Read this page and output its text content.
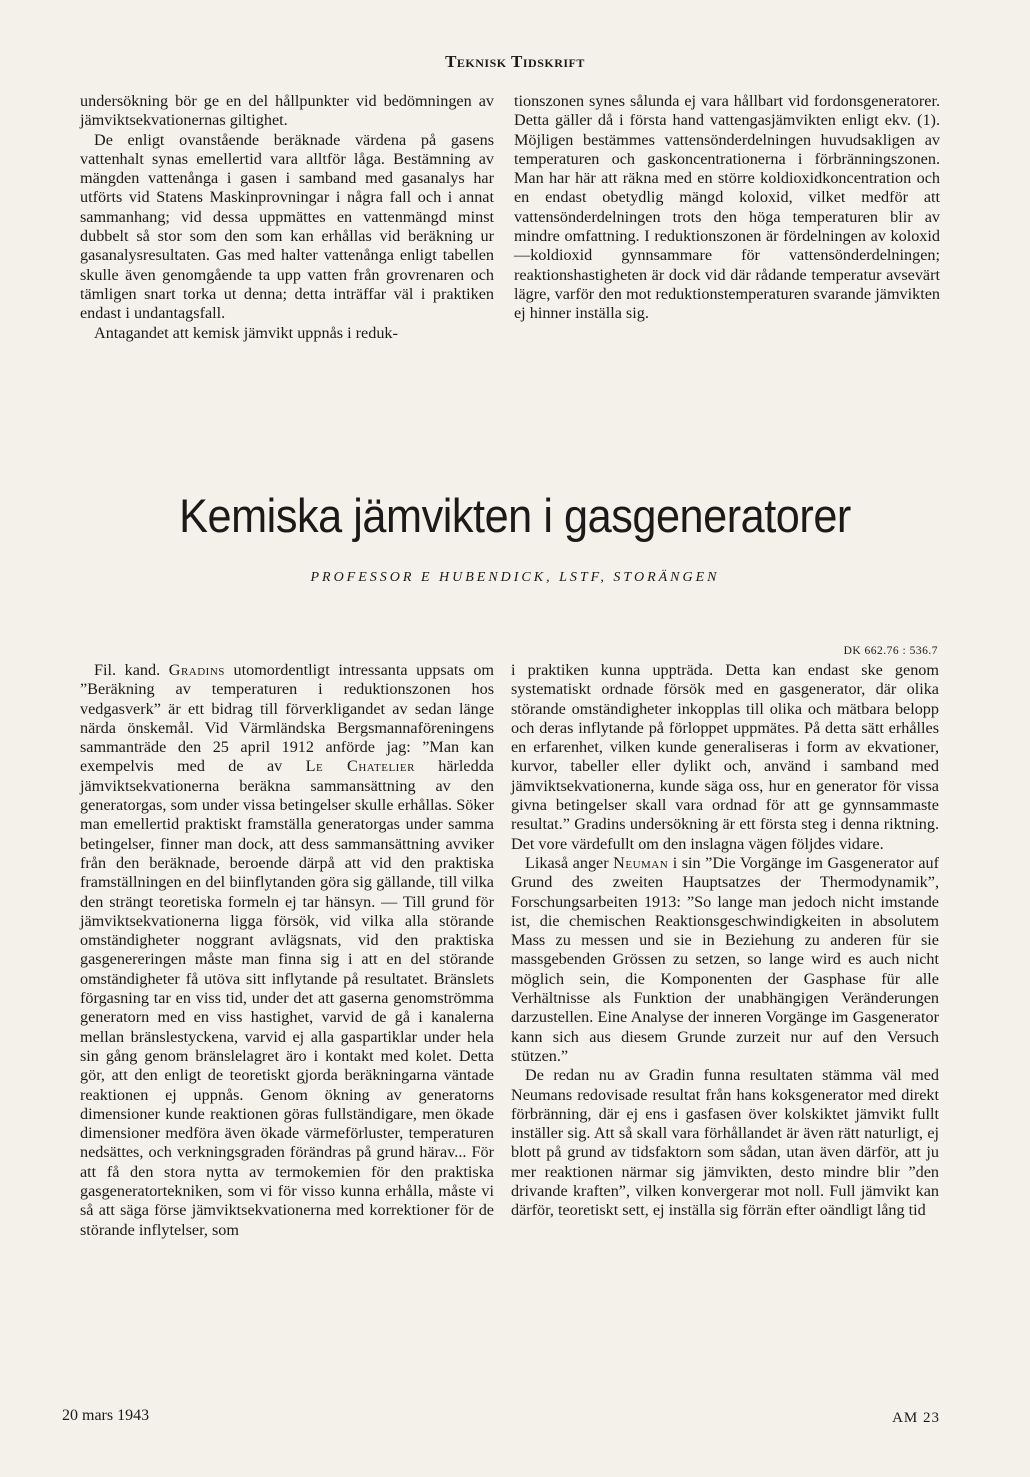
Teknisk Tidskrift

undersökning bör ge en del hållpunkter vid bedömningen av jämviktsekvationernas giltighet.

De enligt ovanstående beräknade värdena på gasens vattenhalt synas emellertid vara alltför låga. Bestämning av mängden vattenånga i gasen i samband med gasanalys har utförts vid Statens Maskinprovningar i några fall och i annat sammanhang; vid dessa uppmättes en vattenmängd minst dubbelt så stor som den som kan erhållas vid beräkning ur gasanalysresultaten. Gas med halter vattenånga enligt tabellen skulle även genomgående ta upp vatten från grovrenaren och tämligen snart torka ut denna; detta inträffar väl i praktiken endast i undantagsfall.

Antagandet att kemisk jämvikt uppnås i reduk-

tionszonen synes sålunda ej vara hållbart vid fordonsgeneratorer. Detta gäller då i första hand vattengasjämvikten enligt ekv. (1). Möjligen bestämmes vattensönderdelningen huvudsakligen av temperaturen och gaskoncentrationerna i förbränningszonen. Man har här att räkna med en större koldioxidkoncentration och en endast obetydlig mängd koloxid, vilket medför att vattensönderdelningen trots den höga temperaturen blir av mindre omfattning. I reduktionszonen är fördelningen av koloxid—koldioxid gynnsammare för vattensönderdelningen; reaktionshastigheten är dock vid där rådande temperatur avsevärt lägre, varför den mot reduktionstemperaturen svarande jämvikten ej hinner inställa sig.

Kemiska jämvikten i gasgeneratorer
PROFESSOR E HUBENDICK, LSTF, STORÄNGEN
DK 662.76 : 536.7

Fil. kand. Gradins utomordentligt intressanta uppsats om ”Beräkning av temperaturen i reduktionszonen hos vedgasverk” är ett bidrag till förverkligandet av sedan länge närda önskemål. Vid Värmländska Bergsmannaföreningens sammanträde den 25 april 1912 anförde jag: ”Man kan exempelvis med de av Le Chatelier härledda jämviktsekvationerna beräkna sammansättning av den generatorgas, som under vissa betingelser skulle erhållas. Söker man emellertid praktiskt framställa generatorgas under samma betingelser, finner man dock, att dess sammansättning avviker från den beräknade, beroende därpå att vid den praktiska framställningen en del biinflytanden göra sig gällande, till vilka den strängt teoretiska formeln ej tar hänsyn. — Till grund för jämviktsekvationerna ligga försök, vid vilka alla störande omständigheter noggrant avlägsnats, vid den praktiska gasgenereringen måste man finna sig i att en del störande omständigheter få utöva sitt inflytande på resultatet. Bränslets förgasning tar en viss tid, under det att gaserna genomströmma generatorn med en viss hastighet, varvid de gå i kanalerna mellan bränslestyckena, varvid ej alla gaspartiklar under hela sin gång genom bränslelagret äro i kontakt med kolet. Detta gör, att den enligt de teoretiskt gjorda beräkningarna väntade reaktionen ej uppnås. Genom ökning av generatorns dimensioner kunde reaktionen göras fullständigare, men ökade dimensioner medföra även ökade värmeförluster, temperaturen nedsättes, och verkningsgraden förändras på grund härav... För att få den stora nytta av termokemien för den praktiska gasgeneratortekniken, som vi för visso kunna erhålla, måste vi så att säga förse jämviktsekvationerna med korrektioner för de störande inflytelser, som

i praktiken kunna uppträda. Detta kan endast ske genom systematiskt ordnade försök med en gasgenerator, där olika störande omständigheter inkopplas till olika och mätbara belopp och deras inflytande på förloppet uppmätes. På detta sätt erhålles en erfarenhet, vilken kunde generaliseras i form av ekvationer, kurvor, tabeller eller dylikt och, använd i samband med jämviktsekvationerna, kunde säga oss, hur en generator för vissa givna betingelser skall vara ordnad för att ge gynnsammaste resultat.” Gradins undersökning är ett första steg i denna riktning. Det vore värdefullt om den inslagna vägen följdes vidare.

Likaså anger Neuman i sin ”Die Vorgänge im Gasgenerator auf Grund des zweiten Hauptsatzes der Thermodynamik”, Forschungsarbeiten 1913: ”So lange man jedoch nicht imstande ist, die chemischen Reaktionsgeschwindigkeiten in absolutem Mass zu messen und sie in Beziehung zu anderen für sie massgebenden Grössen zu setzen, so lange wird es auch nicht möglich sein, die Komponenten der Gasphase für alle Verhältnisse als Funktion der unabhängigen Veränderungen darzustellen. Eine Analyse der inneren Vorgänge im Gasgenerator kann sich aus diesem Grunde zurzeit nur auf den Versuch stützen.”

De redan nu av Gradin funna resultaten stämma väl med Neumans redovisade resultat från hans koksgenerator med direkt förbränning, där ej ens i gasfasen över kolskiktet jämvikt fullt inställer sig. Att så skall vara förhållandet är även rätt naturligt, ej blott på grund av tidsfaktorn som sådan, utan även därför, att ju mer reaktionen närmar sig jämvikten, desto mindre blir ”den drivande kraften”, vilken konvergerar mot noll. Full jämvikt kan därför, teoretiskt sett, ej inställa sig förrän efter oändligt lång tid

20 mars 1943	AM 23
